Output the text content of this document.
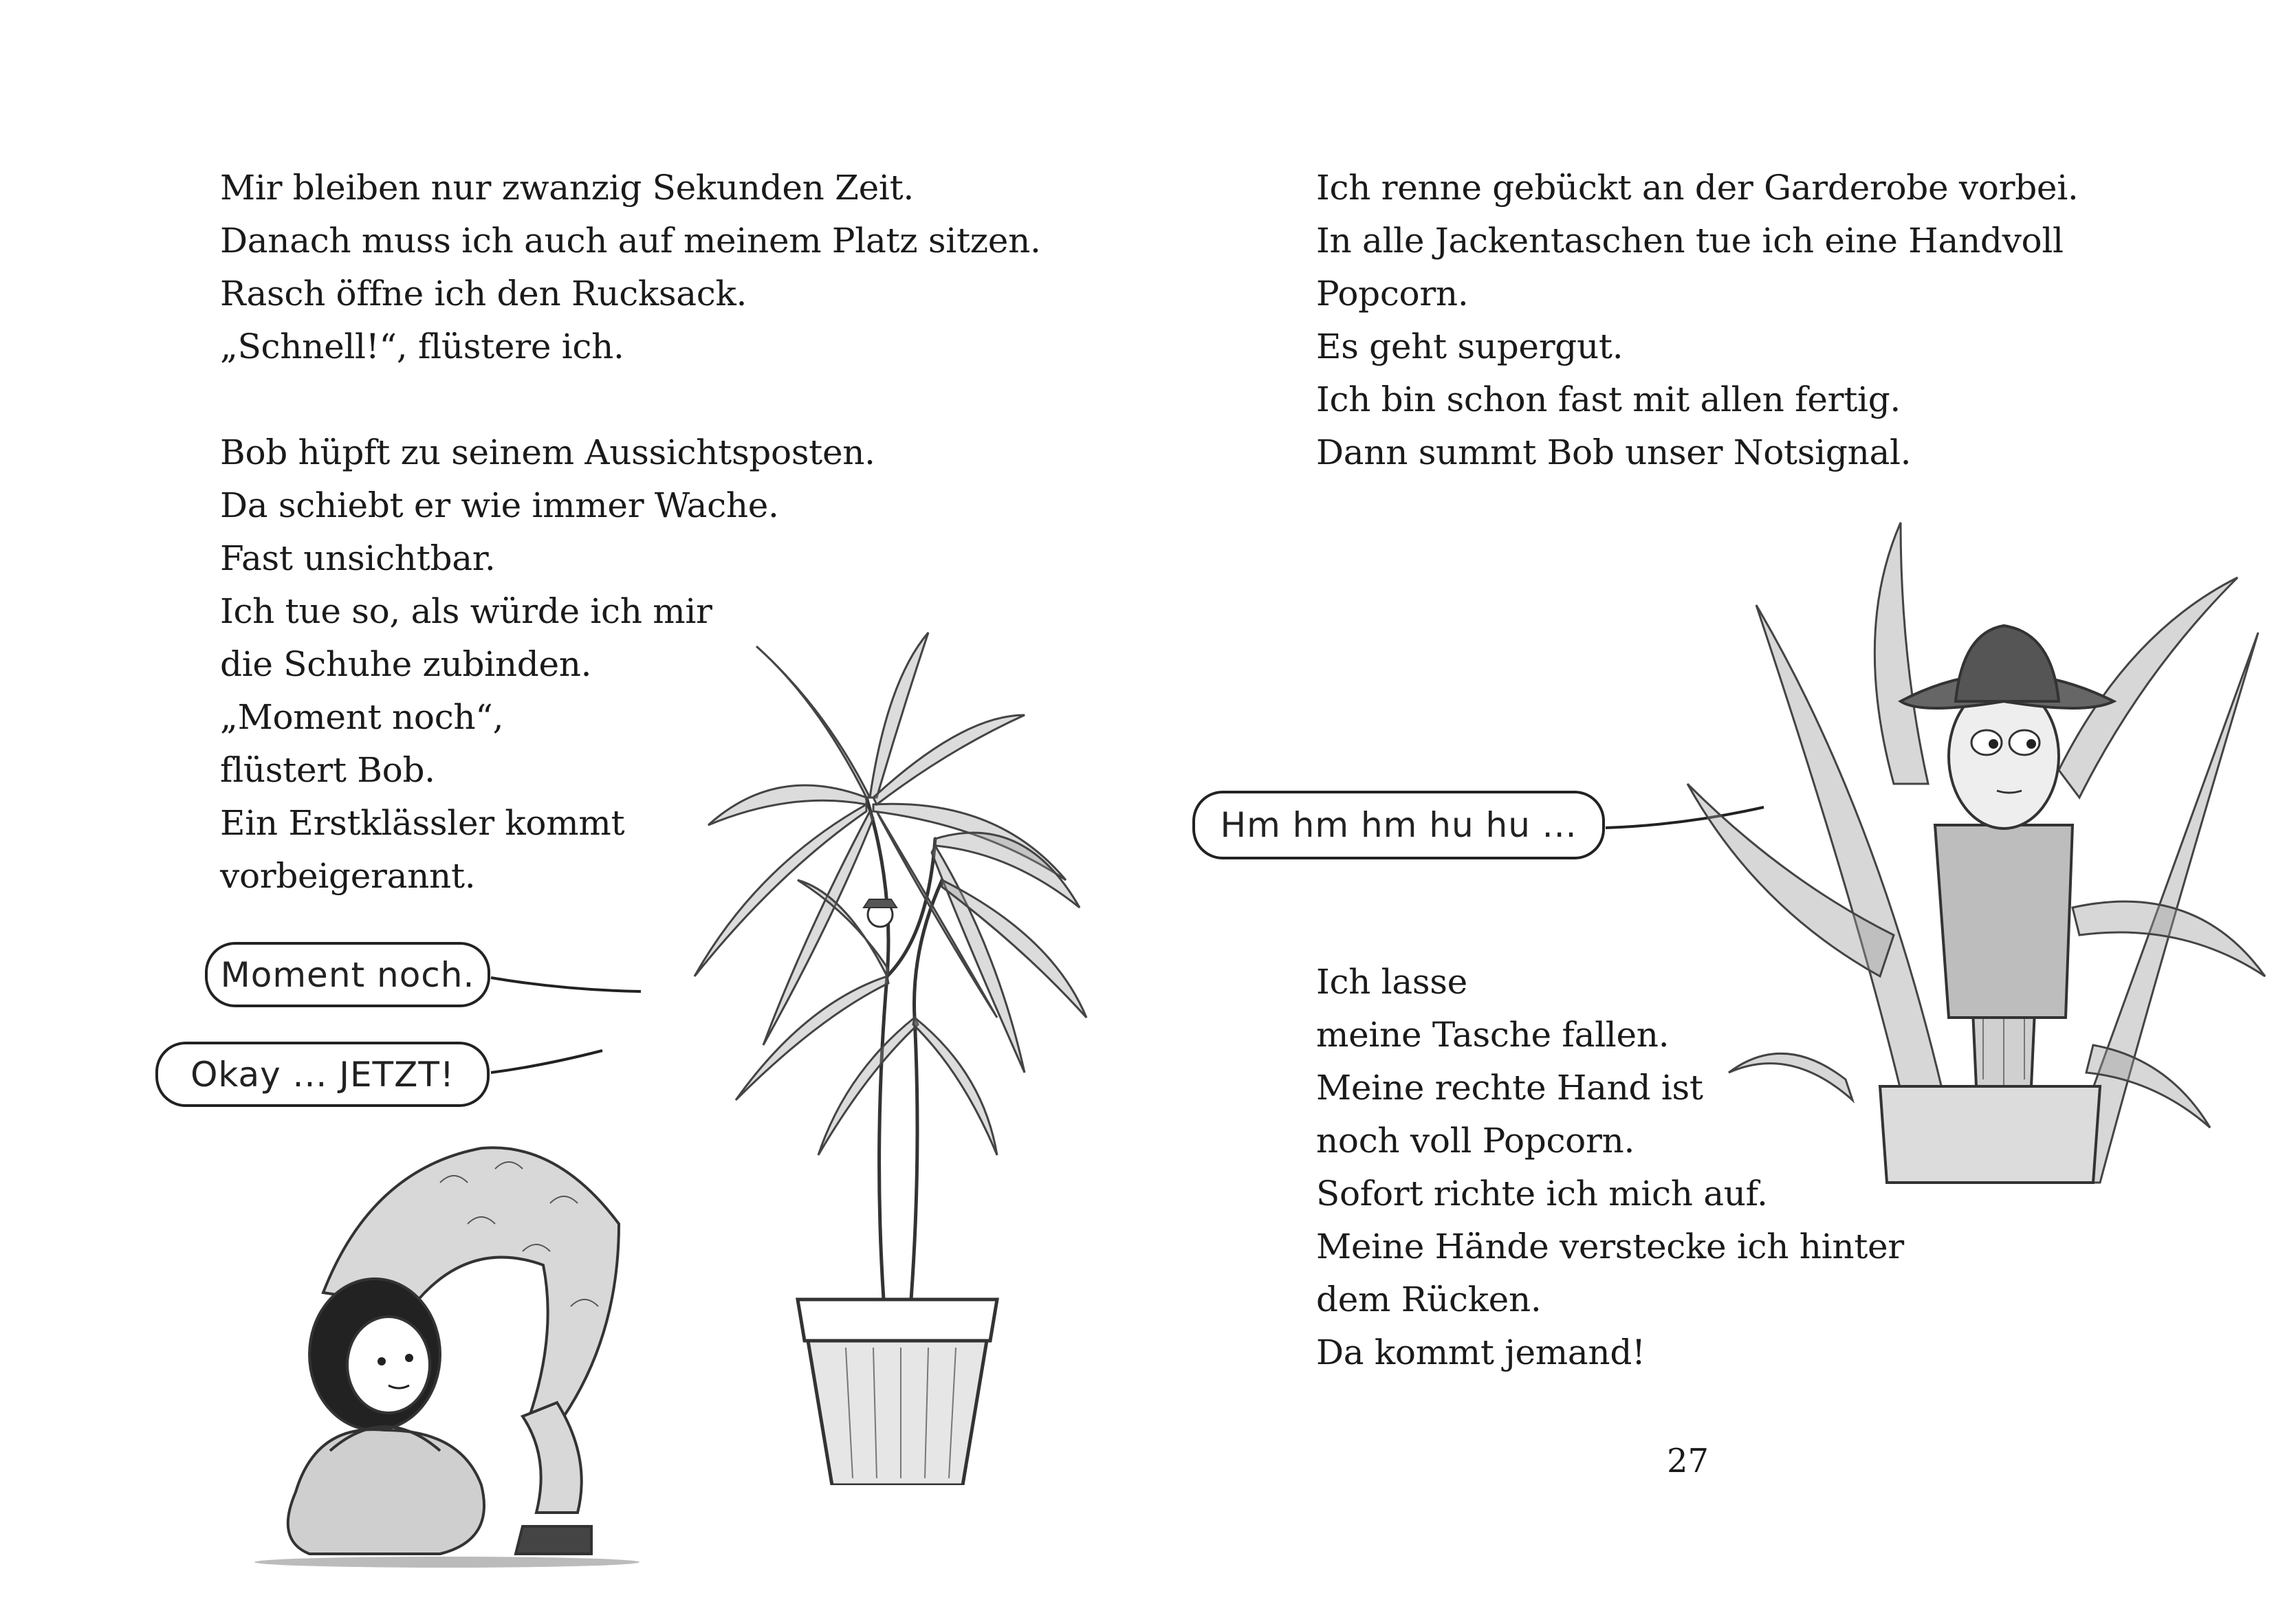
Mir bleiben nur zwanzig Sekunden Zeit.
Danach muss ich auch auf meinem Platz sitzen.
Rasch öffne ich den Rucksack.
„Schnell!“, flüstere ich.
Bob hüpft zu seinem Aussichtsposten.
Da schiebt er wie immer Wache.
Fast unsichtbar.
Ich tue so, als würde ich mir
die Schuhe zubinden.
„Moment noch“,
flüstert Bob.
Ein Erstklässler kommt
vorbeigerannt.
Moment noch.
Okay ... JETZT!
Ich renne gebückt an der Garderobe vorbei.
In alle Jackentaschen tue ich eine Handvoll
Popcorn.
Es geht supergut.
Ich bin schon fast mit allen fertig.
Dann summt Bob unser Notsignal.
Hm hm hm hu hu ...
Ich lasse
meine Tasche fallen.
Meine rechte Hand ist
noch voll Popcorn.
Sofort richte ich mich auf.
Meine Hände verstecke ich hinter
dem Rücken.
Da kommt jemand!
27
